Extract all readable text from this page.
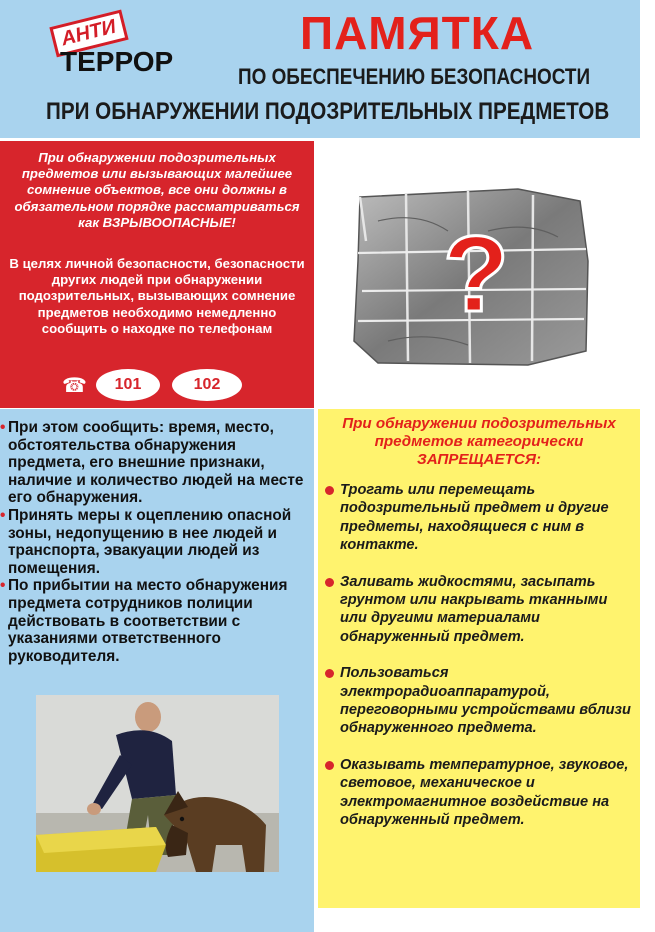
АНТИ
ТЕРРОР
ПАМЯТКА
ПО ОБЕСПЕЧЕНИЮ БЕЗОПАСНОСТИ
ПРИ ОБНАРУЖЕНИИ ПОДОЗРИТЕЛЬНЫХ ПРЕДМЕТОВ
При обнаружении подозрительных предметов или вызывающих малейшее сомнение объектов, все они должны в обязательном порядке рассматриваться как ВЗРЫВООПАСНЫЕ!
В целях личной безопасности, безопасности других людей при обнаружении подозрительных, вызывающих сомнение предметов необходимо немедленно сообщить о находке по телефонам
☎	101	102
?
• При этом сообщить: время, место, обстоятельства обнаружения предмета, его внешние признаки, наличие и количество людей на месте его обнаружения.
• Принять меры к оцеплению опасной зоны, недопущению в нее людей и транспорта, эвакуации людей из помещения.
• По прибытии на место обнаружения предмета сотрудников полиции действовать в соответствии с указаниями ответственного руководителя.
При обнаружении подозрительных предметов категорически ЗАПРЕЩАЕТСЯ:
Трогать или перемещать подозрительный предмет и другие предметы, находящиеся с ним в контакте.
Заливать жидкостями, засыпать грунтом или накрывать тканными или другими материалами обнаруженный предмет.
Пользоваться электрорадиоаппаратурой, переговорными устройствами вблизи обнаруженного предмета.
Оказывать температурное, звуковое, световое, механическое и электромагнитное воздействие на обнаруженный предмет.
